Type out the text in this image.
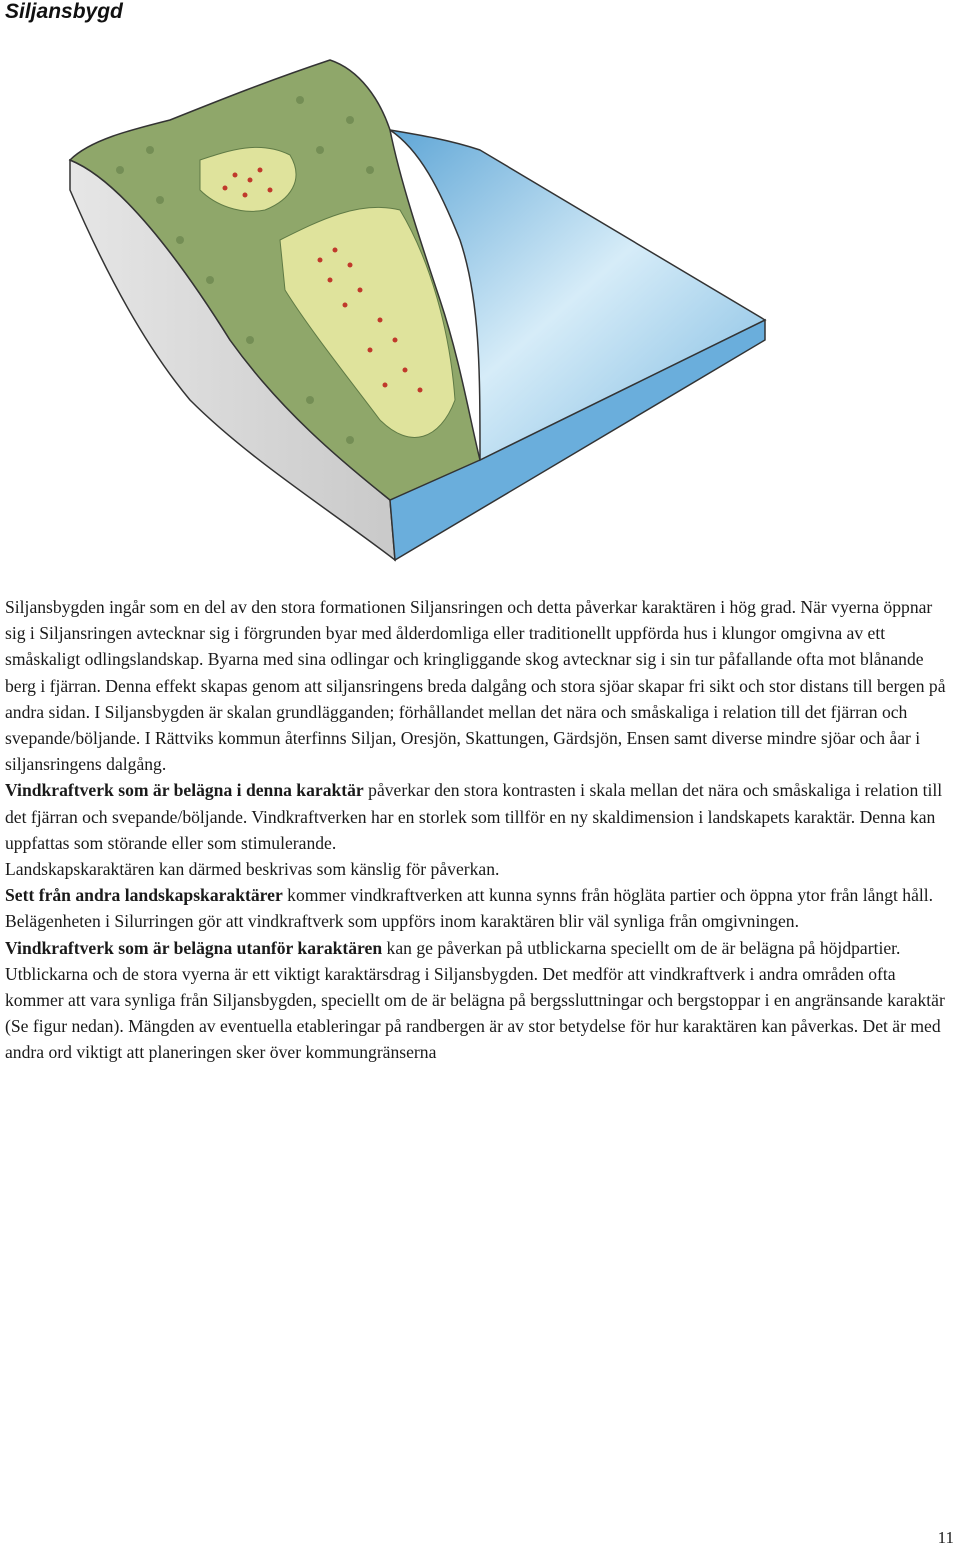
Siljansbygd

Siljansbygden ingår som en del av den stora formationen Siljansringen och detta påverkar karaktären i hög grad. När vyerna öppnar sig i Siljansringen avtecknar sig i förgrunden byar med ålderdomliga eller traditionellt uppförda hus i klungor omgivna av ett småskaligt odlingslandskap. Byarna med sina odlingar och kringliggande skog avtecknar sig i sin tur påfallande ofta mot blånande berg i fjärran. Denna effekt skapas genom att siljansringens breda dalgång och stora sjöar skapar fri sikt och stor distans till bergen på andra sidan. I Siljansbygden är skalan grundlägganden; förhållandet mellan det nära och småskaliga i relation till det fjärran och svepande/böljande. I Rättviks kommun återfinns Siljan, Oresjön, Skattungen, Gärdsjön, Ensen samt diverse mindre sjöar och åar i siljansringens dalgång.

Vindkraftverk som är belägna i denna karaktär påverkar den stora kontrasten i skala mellan det nära och småskaliga i relation till det fjärran och svepande/böljande. Vindkraftverken har en storlek som tillför en ny skaldimension i landskapets karaktär. Denna kan uppfattas som störande eller som stimulerande.

Landskapskaraktären kan därmed beskrivas som känslig för påverkan.

Sett från andra landskapskaraktärer kommer vindkraftverken att kunna synns från högläta partier och öppna ytor från långt håll. Belägenheten i Silurringen gör att vindkraftverk som uppförs inom karaktären blir väl synliga från omgivningen.

Vindkraftverk som är belägna utanför karaktären kan ge påverkan på utblickarna speciellt om de är belägna på höjdpartier. Utblickarna och de stora vyerna är ett viktigt karaktärsdrag i Siljansbygden. Det medför att vindkraftverk i andra områden ofta kommer att vara synliga från Siljansbygden, speciellt om de är belägna på bergssluttningar och bergstoppar i en angränsande karaktär (Se figur nedan). Mängden av eventuella etableringar på randbergen är av stor betydelse för hur karaktären kan påverkas. Det är med andra ord viktigt att planeringen sker över kommungränserna

11
